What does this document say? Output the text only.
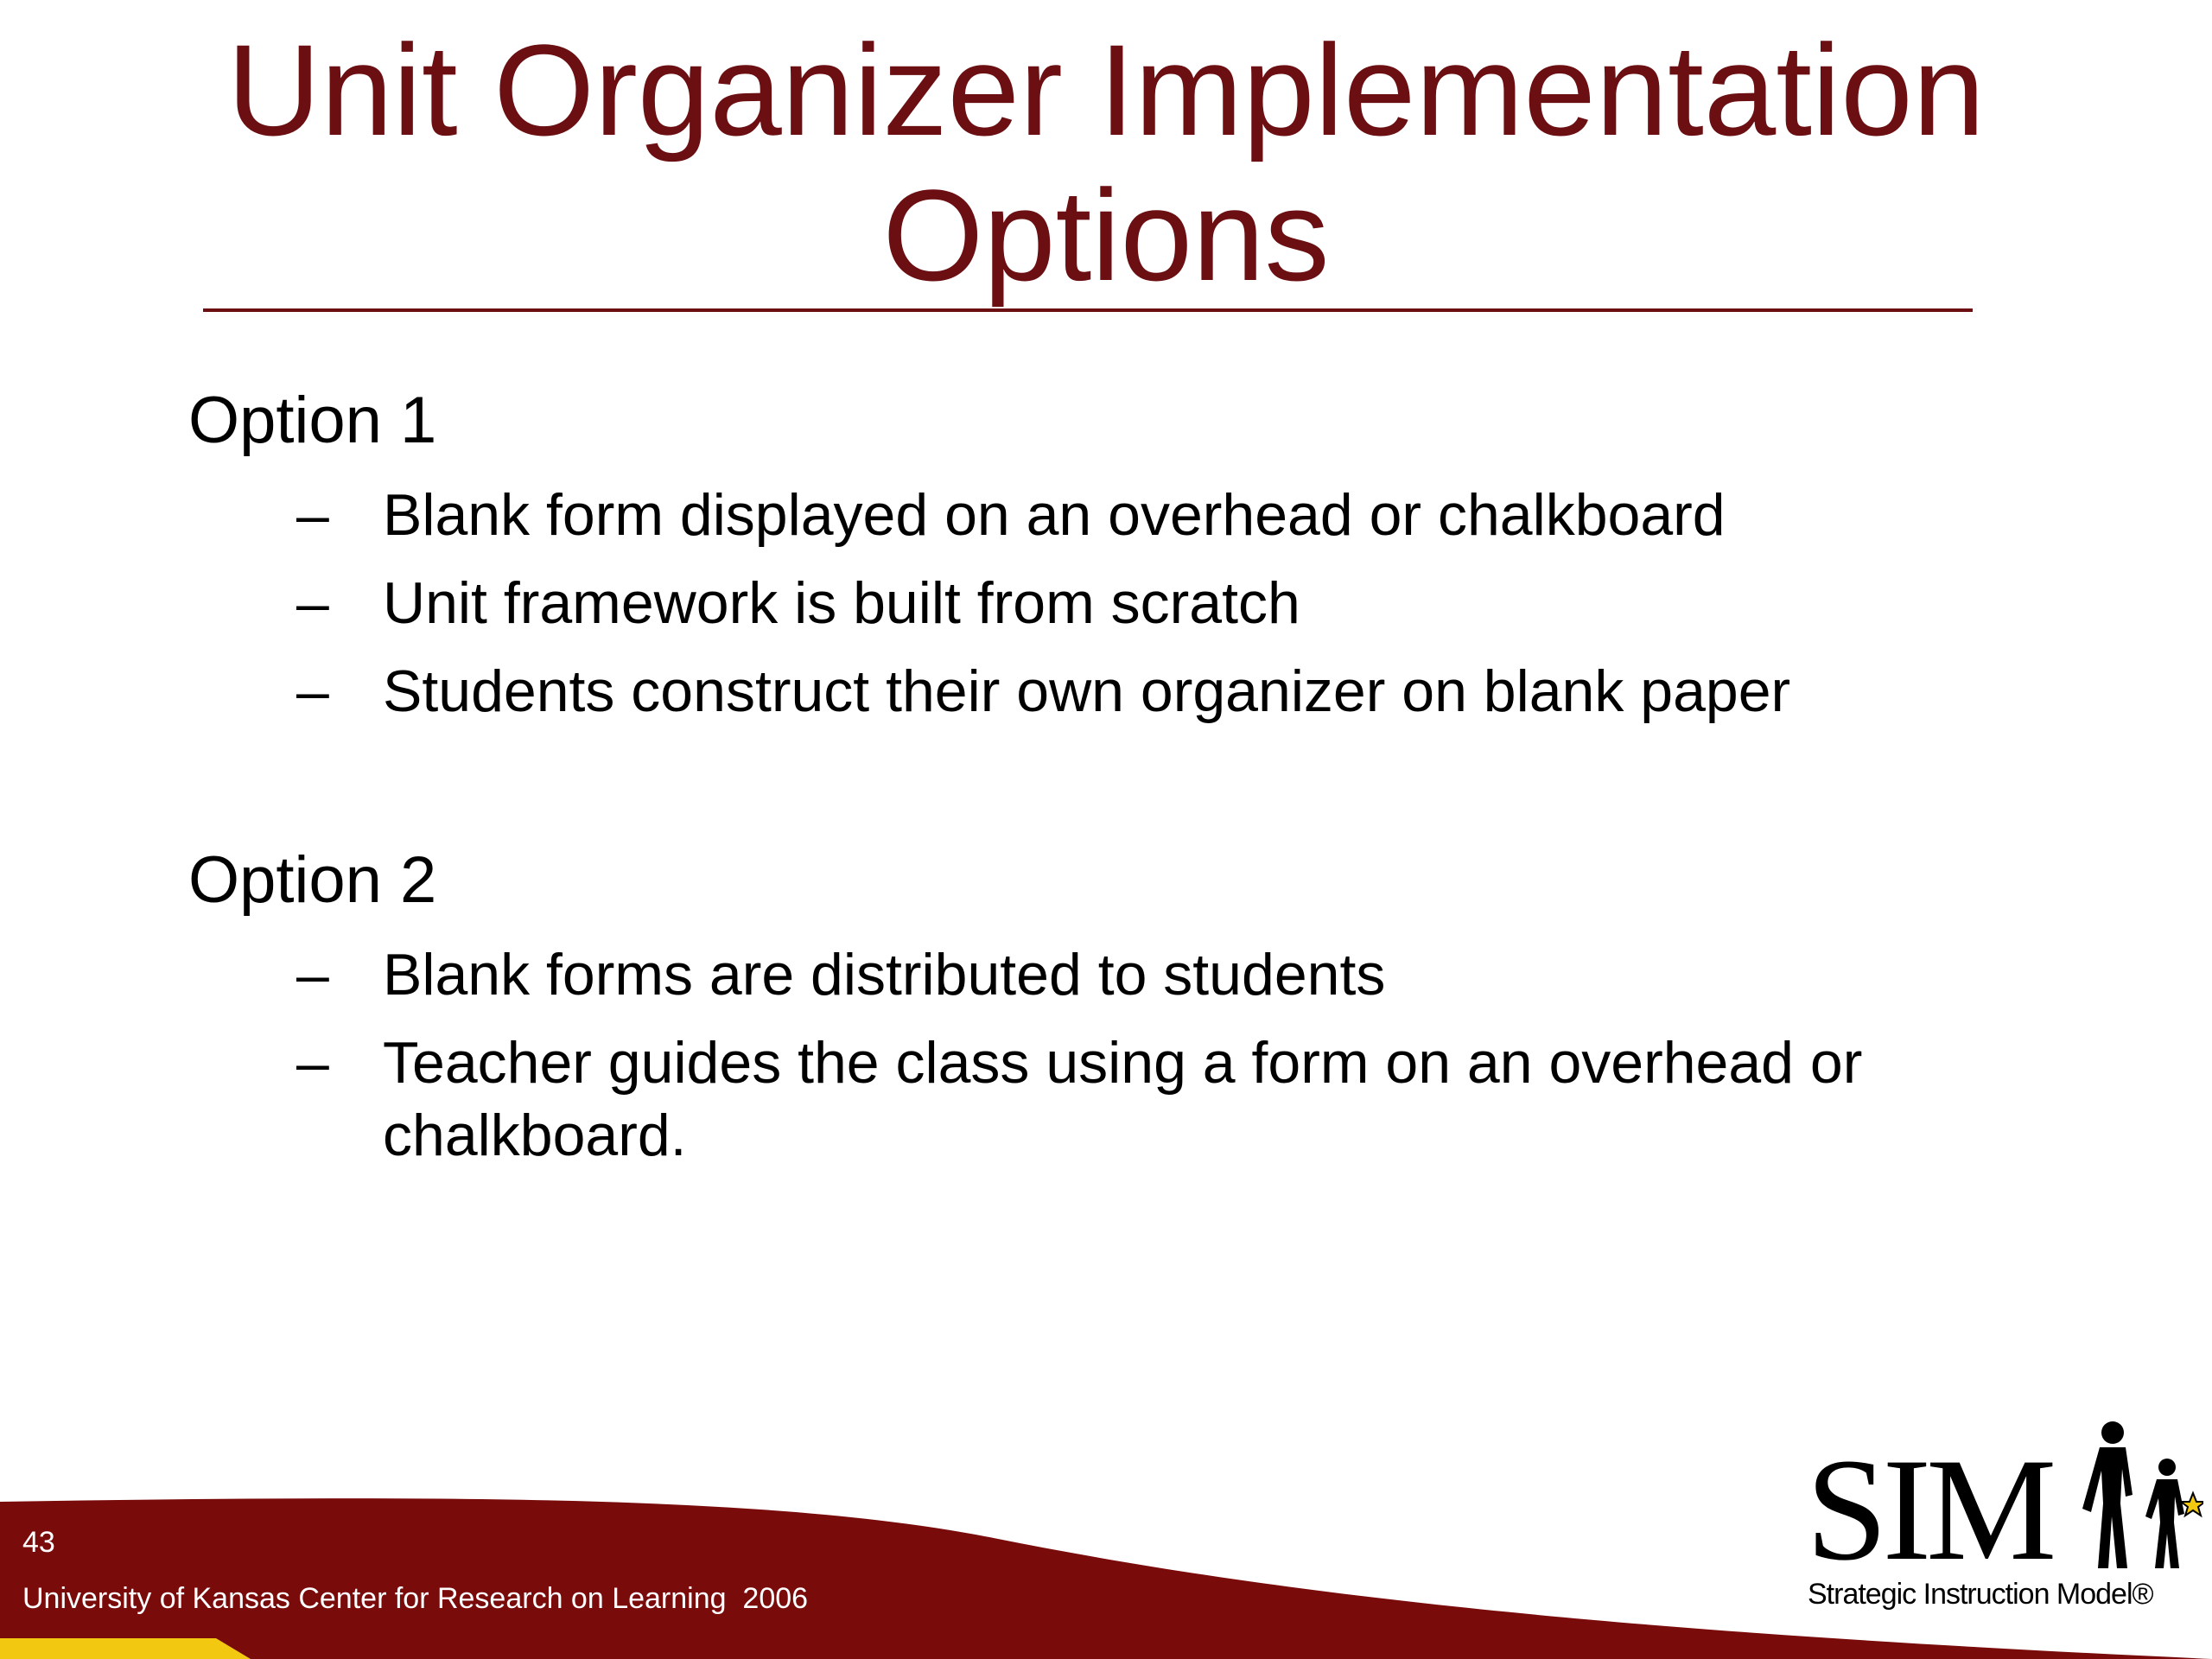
Unit Organizer Implementation
Options
Option 1
– Blank form displayed on an overhead or chalkboard
– Unit framework is built from scratch
– Students construct their own organizer on blank paper
Option 2
– Blank forms are distributed to students
– Teacher guides the class using a form on an overhead or chalkboard.
43
University of Kansas Center for Research on Learning  2006
SIM
Strategic Instruction Model®
